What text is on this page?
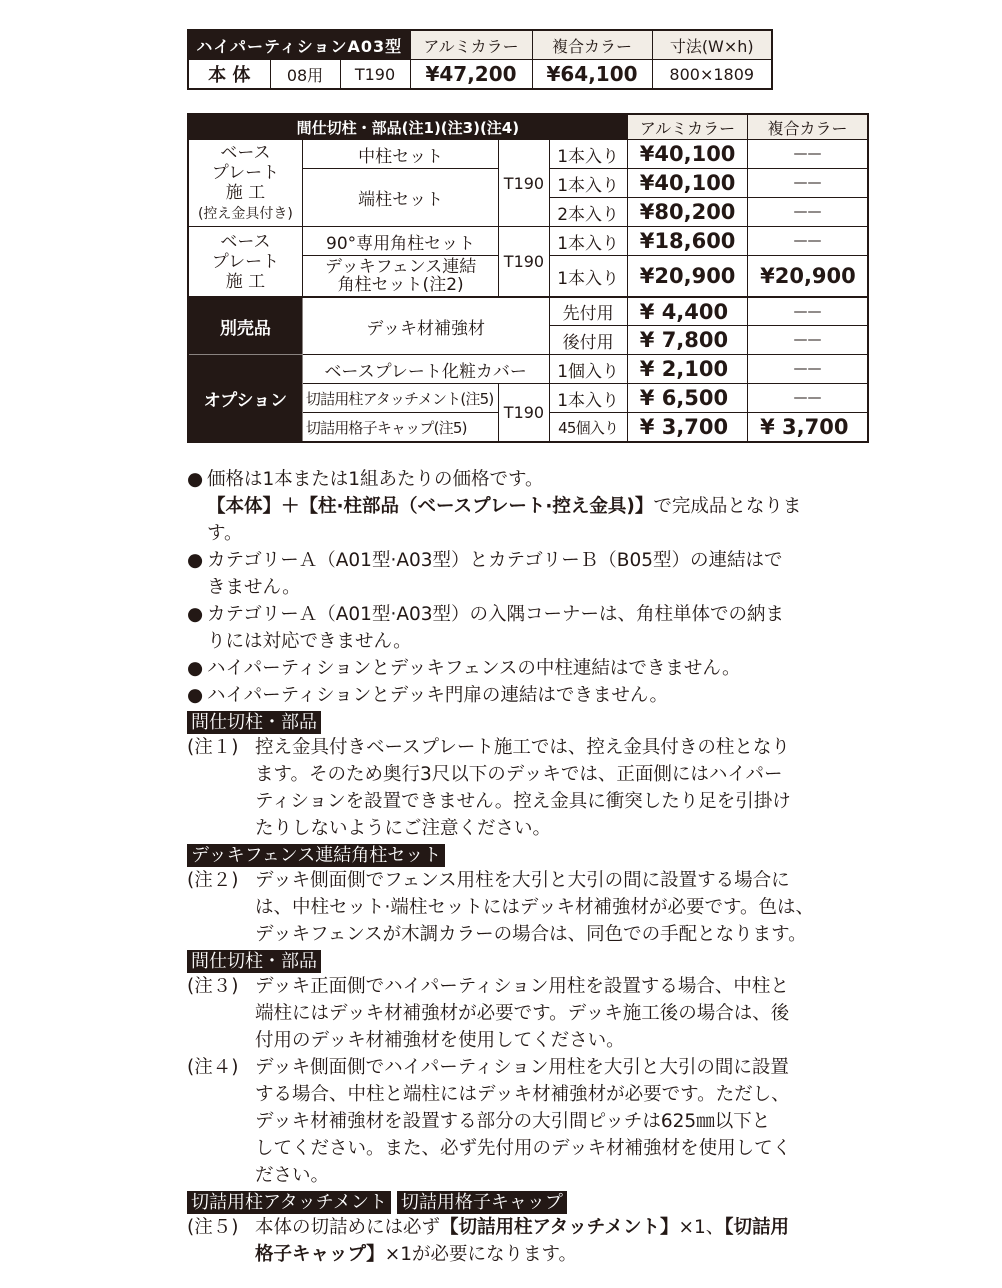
ハイパーティションA03型			アルミカラー	複合カラー	寸法(W×h)
本 体	08用	T190	¥47,200	¥64,100	800×1809
間仕切柱・部品(注1)(注3)(注4)				アルミカラー	複合カラー

ベース
プレート
施 工
(控え金具付き)	中柱セット	T190	1本入り	¥40,100	——
	端柱セット		1本入り	¥40,100	——
			2本入り	¥80,200	——

ベース
プレート
施 工	90°専用角柱セット	T190	1本入り	¥18,600	——

	デッキフェンス連結
角柱セット(注2)		1本入り	¥20,900	¥20,900
別売品	デッキ材補強材		先付用	¥ 4,400	——
			後付用	¥ 7,800	——
オプション	ベースプレート化粧カバー		1個入り	¥ 2,100	——
	切詰用柱アタッチメント(注5)	T190	1本入り	¥ 6,500	——
	切詰用格子キャップ(注5)		45個入り	¥ 3,700	¥ 3,700

● 価格は1本または1組あたりの価格です。

【本体】＋【柱·柱部品（ベースプレート·控え金具)】で完成品となりま

す。

● カテゴリーＡ（A01型·A03型）とカテゴリーＢ（B05型）の連結はで

きません。

● カテゴリーＡ（A01型·A03型）の入隅コーナーは、角柱単体での納ま

りには対応できません。

● ハイパーティションとデッキフェンスの中柱連結はできません。

● ハイパーティションとデッキ門扉の連結はできません。

間仕切柱・部品
(注１) 控え金具付きベースプレート施工では、控え金具付きの柱となり
ます。そのため奥行3尺以下のデッキでは、正面側にはハイパー
ティションを設置できません。控え金具に衝突したり足を引掛け
たりしないようにご注意ください。
デッキフェンス連結角柱セット
(注２) デッキ側面側でフェンス用柱を大引と大引の間に設置する場合に
は、中柱セット·端柱セットにはデッキ材補強材が必要です。色は、
デッキフェンスが木調カラーの場合は、同色での手配となります。
間仕切柱・部品
(注３) デッキ正面側でハイパーティション用柱を設置する場合、中柱と
端柱にはデッキ材補強材が必要です。デッキ施工後の場合は、後
付用のデッキ材補強材を使用してください。
(注４) デッキ側面側でハイパーティション用柱を大引と大引の間に設置
する場合、中柱と端柱にはデッキ材補強材が必要です。ただし、
デッキ材補強材を設置する部分の大引間ピッチは625㎜以下と
してください。また、必ず先付用のデッキ材補強材を使用してく
ださい。
切詰用柱アタッチメント 切詰用格子キャップ
(注５) 本体の切詰めには必ず【切詰用柱アタッチメント】×1、【切詰用
格子キャップ】×1が必要になります。
